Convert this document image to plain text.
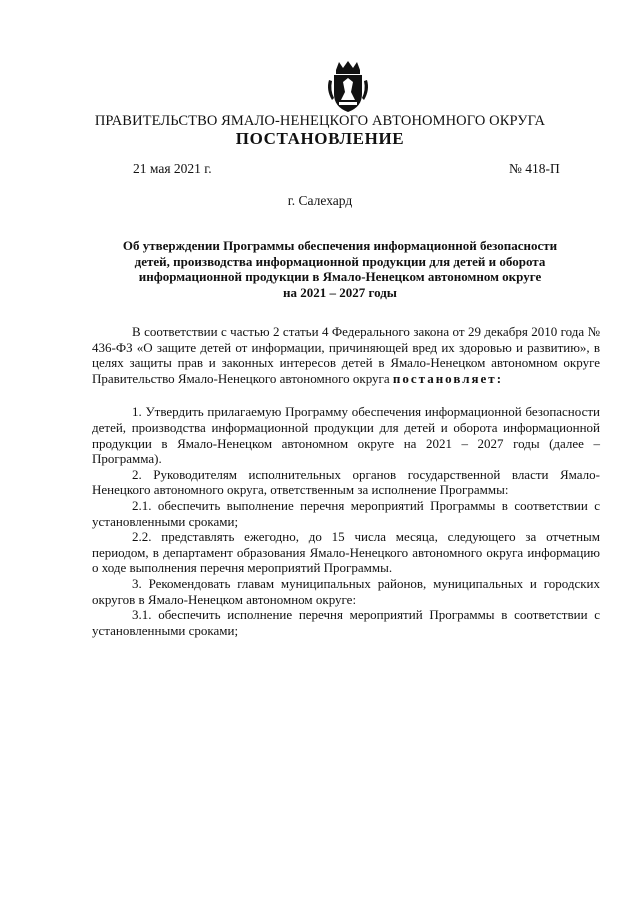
ПРАВИТЕЛЬСТВО ЯМАЛО-НЕНЕЦКОГО АВТОНОМНОГО ОКРУГА
ПОСТАНОВЛЕНИЕ
21 мая 2021 г.	№ 418-П
г. Салехард
Об утверждении Программы обеспечения информационной безопасности
детей, производства информационной продукции для детей и оборота
информационной продукции в Ямало-Ненецком автономном округе
на 2021 – 2027 годы

В соответствии с частью 2 статьи 4 Федерального закона от 29 декабря 2010 года № 436-ФЗ «О защите детей от информации, причиняющей вред их здоровью и развитию», в целях защиты прав и законных интересов детей в Ямало-Ненецком автономном округе Правительство Ямало-Ненецкого автономного округа постановляет:

1. Утвердить прилагаемую Программу обеспечения информационной безопасности детей, производства информационной продукции для детей и оборота информационной продукции в Ямало-Ненецком автономном округе на 2021 – 2027 годы (далее – Программа).

2. Руководителям исполнительных органов государственной власти Ямало-Ненецкого автономного округа, ответственным за исполнение Программы:

2.1. обеспечить выполнение перечня мероприятий Программы в соответствии с установленными сроками;

2.2. представлять ежегодно, до 15 числа месяца, следующего за отчетным периодом, в департамент образования Ямало-Ненецкого автономного округа информацию о ходе выполнения перечня мероприятий Программы.

3. Рекомендовать главам муниципальных районов, муниципальных и городских округов в Ямало-Ненецком автономном округе:

3.1. обеспечить исполнение перечня мероприятий Программы в соответствии с установленными сроками;
